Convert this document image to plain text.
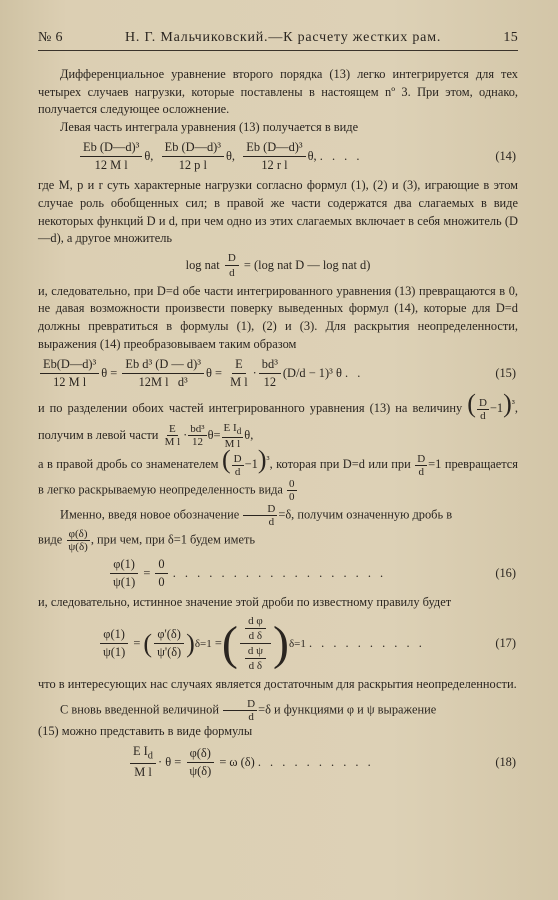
№ 6	Н. Г. Мальчиковский.—К расчету жестких рам.	15

Дифференциальное уравнение второго порядка (13) легко интегрируется для тех четырех случаев нагрузки, которые поставлены в настоящем nº 3. При этом, однако, получается следующее осложнение.

Левая часть интеграла уравнения (13) получается в виде

$\frac{\text{Eb (D—d)³}}{\text{12 M l}} \theta$,
$\frac{\text{Eb (D—d)³}}{\text{12 p l}} \theta$,
$\frac{\text{Eb (D—d)³}}{\text{12 r l}} \theta$,
. . . .	(14)

где M, p и r суть характерные нагрузки согласно формул (1), (2) и (3), играющие в этом случае роль обобщенных сил; в правой же части содержатся два слагаемых в виде некоторых функций D и d, при чем одно из этих слагаемых включает в себя множитель (D—d), а другое множитель

log nat
$\frac{D}{d}$
= (log nat D — log nat d)

и, следовательно, при D=d обе части интегрированного уравнения (13) превращаются в 0, не давая возможности произвести поверку выведенных формул (14), которые для D=d должны превратиться в формулы (1), (2) и (3). Для раскрытия неопределенности, выражения (14) преобразовываем таким образом

$\frac{\text{Eb(D—d)³}}{\text{12 M l}}$ $\theta = \frac{\text{Eb d³ (D — d)³}}{\text{12M l d³}}$ $\theta = \frac{E}{\text{M l}} \cdot \frac{\text{bd³}}{12} (D/d - 1)^3$
θ
. .	(15)

и по разделении обоих частей интегрированного уравнения (13) на величину ( $\frac{D}{d} -1)^{^3}$, получим в левой части $\frac{E}{\text{M l}} \cdot \frac{\text{bd³}}{12} \theta= \frac{E I_d}{\text{M l}} \theta$,

а в правой дробь со знаменателем ( $\frac{D}{d} -1)^{^3}$, которая при D=d или при $\frac{D}{d} =1$ превращается в легко раскрываемую неопределенность вида $\frac{0}{0}$

Именно, введя новое обозначение $\frac{D}{d} =\delta$, получим означенную дробь в

виде $\frac{\varphi(\delta)}{\psi(\delta)}$ , при чем, при δ=1 будем иметь

$\frac{\varphi(1)}{\psi(1)} = \frac{0}{0}$
. . . . . . . . . . . . . . . . . .	(16)

и, следовательно, истинное значение этой дроби по известному правилу будет

$\frac{\varphi(1)}{\psi(1)}$ = ( $\frac{\varphi'(\delta)}{\psi'(\delta)}$ ) δ=1 = ( $\frac{\frac{\text{d φ}}{\text{d δ}}}{\frac{\text{d ψ}}{\text{d δ}}}$ ) δ=1
. . . . . . . . . .	(17)

что в интересующих нас случаях является достаточным для раскрытия неопределенности.

С вновь введенной величиной $\frac{D}{d} =\delta$ и функциями φ и ψ выражение

(15) можно представить в виде формулы

$\frac{E I_d}{\text{M l}} \cdot \theta$ =
$\frac{\varphi(\delta)}{\psi(\delta)}$
= ω (δ)
. . . . . . . . . .	(18)
